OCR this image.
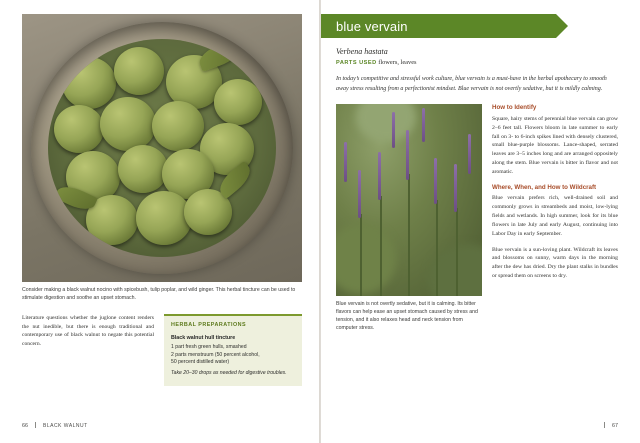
Consider making a black walnut nocino with spicebush, tulip poplar, and wild ginger. This herbal tincture can be used to stimulate digestion and soothe an upset stomach.
Literature questions whether the juglone content renders the nut inedible, but there is enough traditional and contemporary use of black walnut to negate this potential concern.
HERBAL PREPARATIONS
Black walnut hull tincture
1 part fresh green hulls, smashed
2 parts menstruum (50 percent alcohol,
50 percent distilled water)
Take 20–30 drops as needed for digestive troubles.
66	BLACK WALNUT
blue vervain
Verbena hastata
PARTS USED flowers, leaves
In today’s competitive and stressful work culture, blue vervain is a must-have in the herbal apothecary to smooth away stress resulting from a perfectionist mindset. Blue vervain is not overtly sedative, but it is mildly calming.
Blue vervain is not overtly sedative, but it is calming. Its bitter flavors can help ease an upset stomach caused by stress and tension, and it also relaxes head and neck tension from computer stress.
How to Identify

Square, hairy stems of perennial blue vervain can grow 2–6 feet tall. Flowers bloom in late summer to early fall on 3- to 6-inch spikes lined with densely clustered, small blue-purple blossoms. Lance-shaped, serrated leaves are 3–5 inches long and are arranged oppositely along the stem. Blue vervain is bitter in flavor and not aromatic.

Where, When, and How to Wildcraft

Blue vervain prefers rich, well-drained soil and commonly grows in streambeds and moist, low-lying fields and wetlands. In high summer, look for its blue flowers in late July and early August, continuing into Labor Day in early September.

Blue vervain is a sun-loving plant. Wildcraft its leaves and blossoms on sunny, warm days in the morning after the dew has dried. Dry the plant stalks in bundles or spread them on screens to dry.

67
